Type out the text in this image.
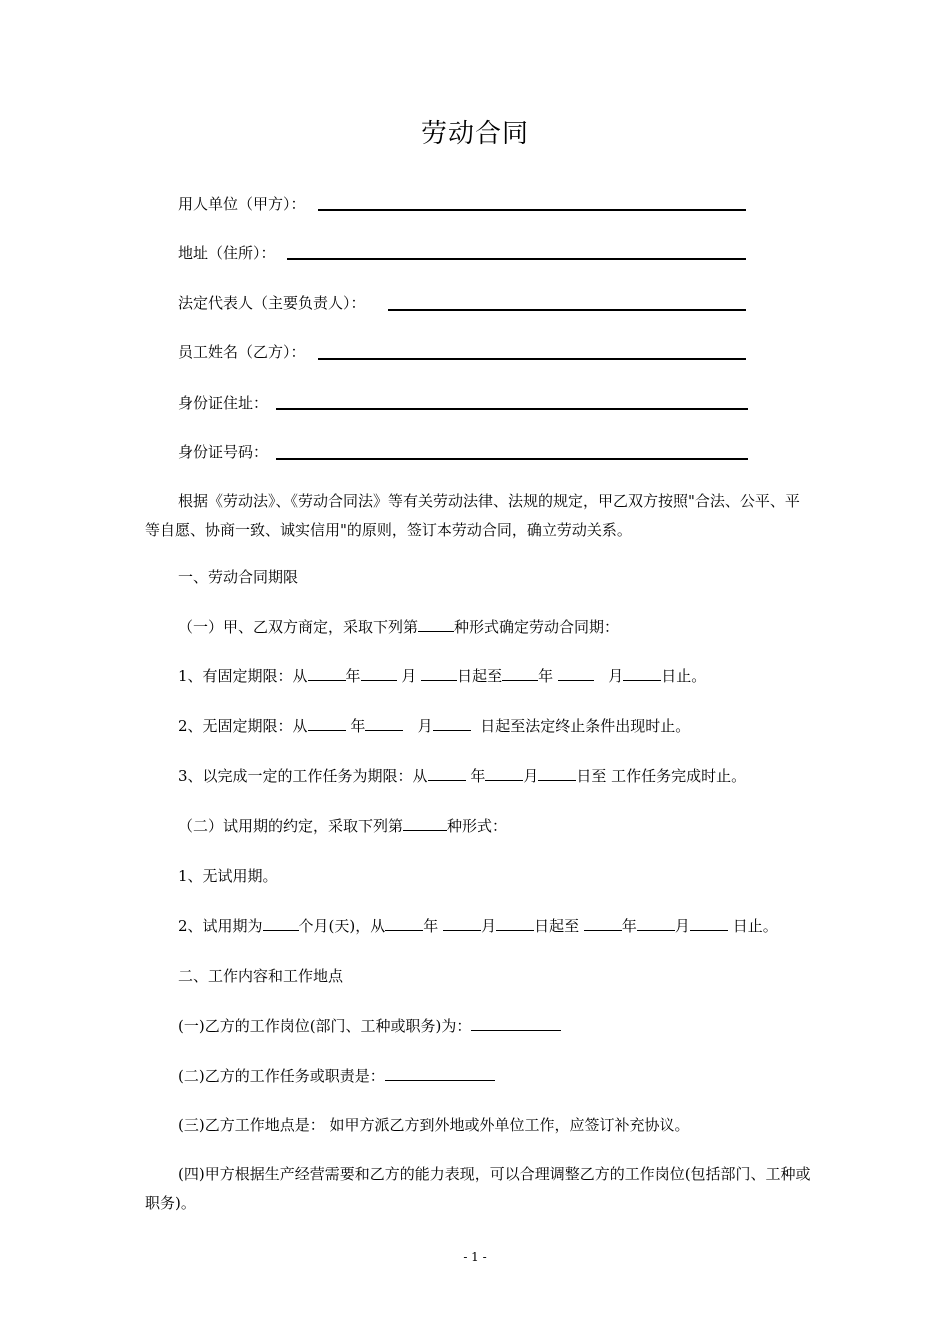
劳动合同
用人单位（甲方）：
地址（住所）：
法定代表人（主要负责人）：
员工姓名（乙方）：
身份证住址：
身份证号码：
根据《劳动法》、《劳动合同法》等有关劳动法律、法规的规定，甲乙双方按照"合法、公平、平等自愿、协商一致、诚实信用"的原则，签订本劳动合同，确立劳动关系。
一、劳动合同期限
（一）甲、乙双方商定，采取下列第 种形式确定劳动合同期：
1、有固定期限：从	年	月	日起至 年	月	日止。
2、无固定期限：从	年	月	日起至法定终止条件出现时止。
3、以完成一定的工作任务为期限：从	年	月	日至 工作任务完成时止。
（二）试用期的约定，采取下列第	种形式：
1、无试用期。
2、试用期为 个月(天)，从	年	月	日起至	年	月	日止。
二、工作内容和工作地点
(一)乙方的工作岗位(部门、工种或职务)为：
(二)乙方的工作任务或职责是：
(三)乙方工作地点是： 如甲方派乙方到外地或外单位工作，应签订补充协议。
(四)甲方根据生产经营需要和乙方的能力表现，可以合理调整乙方的工作岗位(包括部门、工种或职务)。
- 1 -
